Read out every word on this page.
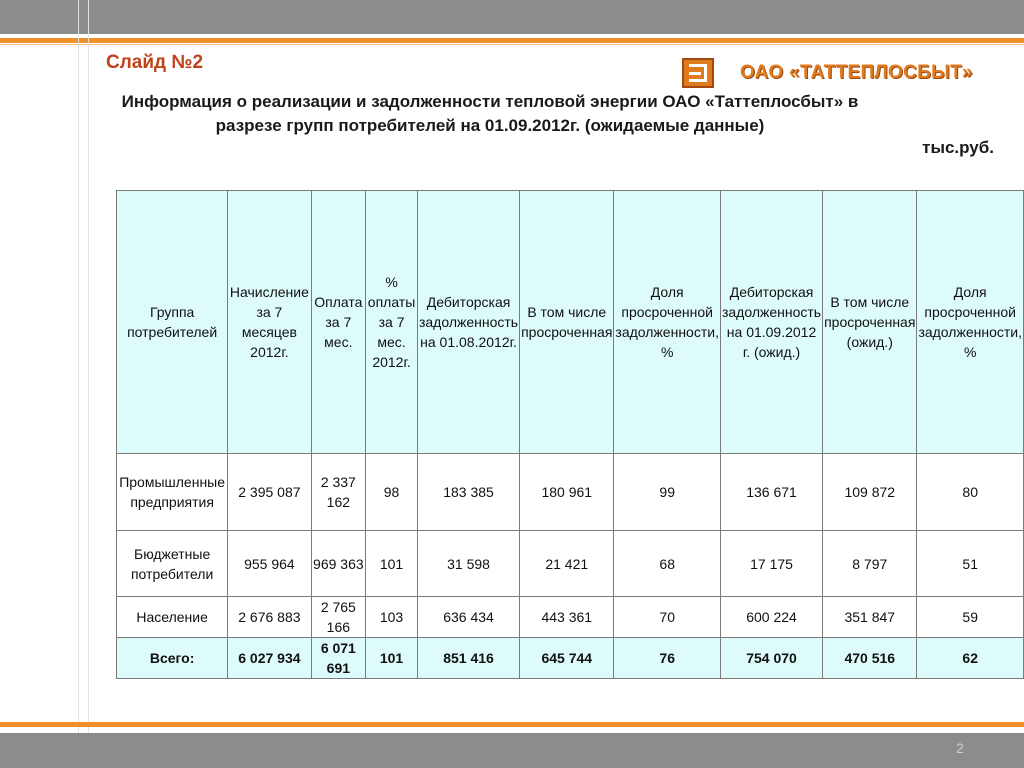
Слайд №2	ОАО «ТАТТЕПЛОСБЫТ»
Информация о реализации и задолженности тепловой энергии ОАО «Таттеплосбыт» в
разрезе групп потребителей на 01.09.2012г. (ожидаемые данные)
тыс.руб.
Группа потребителей	Начисление за 7 месяцев 2012г.	Оплата за 7 мес.	% оплаты за 7 мес. 2012г.	Дебиторская задолженность на 01.08.2012г.	В том числе просроченная	Доля просроченной задолженности, %	Дебиторская задолженность на 01.09.2012 г. (ожид.)	В том числе просроченная (ожид.)	Доля просроченной задолженности, %
Промышленные предприятия	2 395 087	2 337 162	98	183 385	180 961	99	136 671	109 872	80
Бюджетные потребители	955 964	969 363	101	31 598	21 421	68	17 175	8 797	51
Население	2 676 883	2 765 166	103	636 434	443 361	70	600 224	351 847	59
Всего:	6 027 934	6 071 691	101	851 416	645 744	76	754 070	470 516	62
2
